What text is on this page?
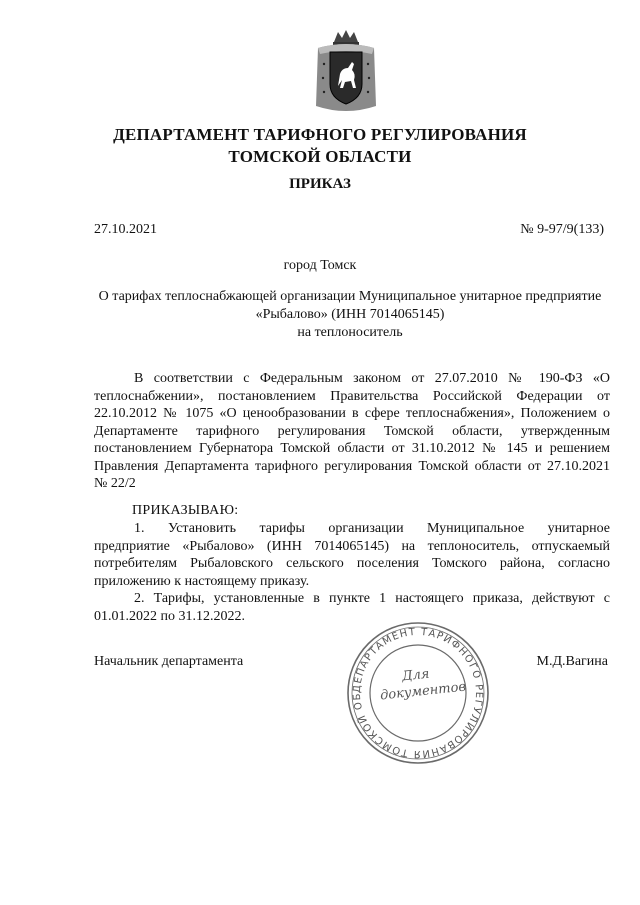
ДЕПАРТАМЕНТ ТАРИФНОГО РЕГУЛИРОВАНИЯ
ТОМСКОЙ ОБЛАСТИ
ПРИКАЗ
27.10.2021	№ 9-97/9(133)
город Томск
О тарифах теплоснабжающей организации Муниципальное унитарное предприятие
«Рыбалово» (ИНН 7014065145)
на теплоноситель
В соответствии с Федеральным законом от 27.07.2010 № 190-ФЗ «О
теплоснабжении», постановлением Правительства Российской Федерации от
22.10.2012 № 1075 «О ценообразовании в сфере теплоснабжения», Положением о
Департаменте тарифного регулирования Томской области, утвержденным
постановлением Губернатора Томской области от 31.10.2012 № 145 и решением
Правления Департамента тарифного регулирования Томской области от 27.10.2021
№ 22/2
ПРИКАЗЫВАЮ:
1. Установить тарифы организации Муниципальное унитарное
предприятие «Рыбалово» (ИНН 7014065145) на теплоноситель, отпускаемый
потребителям Рыбаловского сельского поселения Томского района, согласно
приложению к настоящему приказу.
2. Тарифы, установленные в пункте 1 настоящего приказа, действуют с
01.01.2022 по 31.12.2022.
Начальник департамента	М.Д.Вагина
ДЕПАРТАМЕНТ ТАРИФНОГО РЕГУЛИРОВАНИЯ ТОМСКОЙ ОБ
Для
документов
